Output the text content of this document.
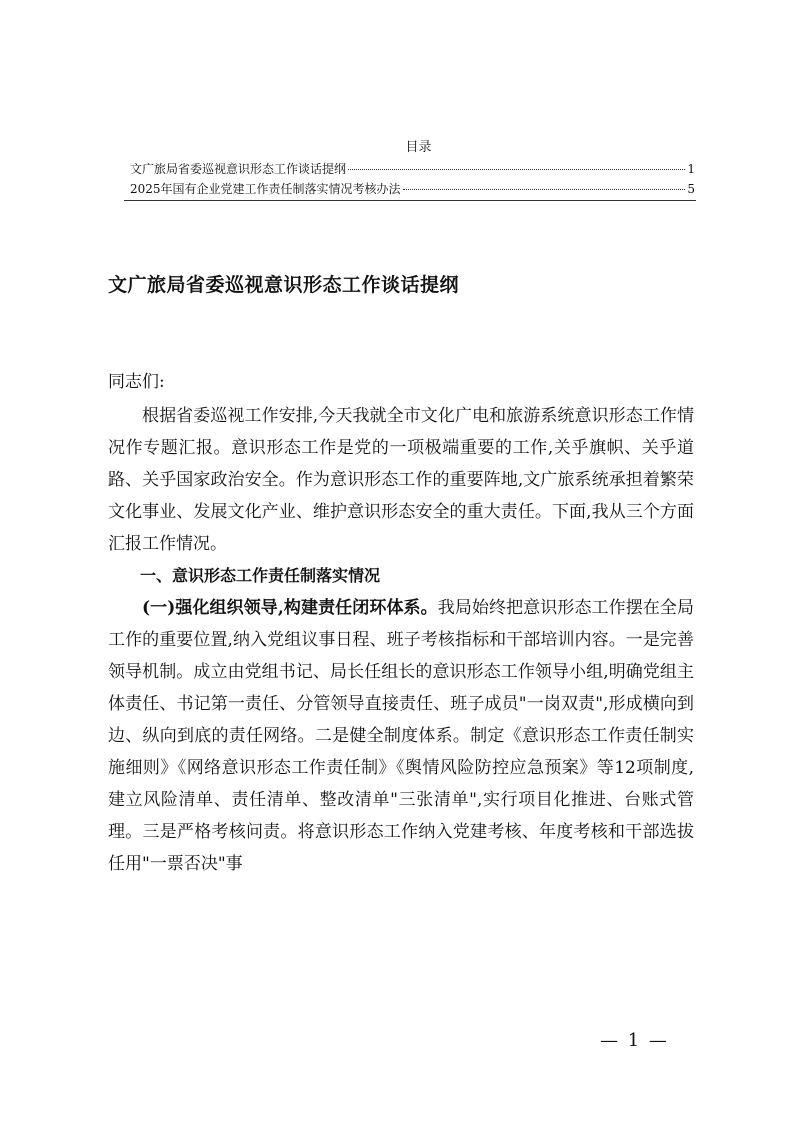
目录
文广旅局省委巡视意识形态工作谈话提纲	1
2025年国有企业党建工作责任制落实情况考核办法	5
文广旅局省委巡视意识形态工作谈话提纲

同志们:

根据省委巡视工作安排,今天我就全市文化广电和旅游系统意识形态工作情况作专题汇报。意识形态工作是党的一项极端重要的工作,关乎旗帜、关乎道路、关乎国家政治安全。作为意识形态工作的重要阵地,文广旅系统承担着繁荣文化事业、发展文化产业、维护意识形态安全的重大责任。下面,我从三个方面汇报工作情况。

一、意识形态工作责任制落实情况

(一)强化组织领导,构建责任闭环体系。我局始终把意识形态工作摆在全局工作的重要位置,纳入党组议事日程、班子考核指标和干部培训内容。一是完善领导机制。成立由党组书记、局长任组长的意识形态工作领导小组,明确党组主体责任、书记第一责任、分管领导直接责任、班子成员"一岗双责",形成横向到边、纵向到底的责任网络。二是健全制度体系。制定《意识形态工作责任制实施细则》《网络意识形态工作责任制》《舆情风险防控应急预案》等12项制度,建立风险清单、责任清单、整改清单"三张清单",实行项目化推进、台账式管理。三是严格考核问责。将意识形态工作纳入党建考核、年度考核和干部选拔任用"一票否决"事

— 1 —
